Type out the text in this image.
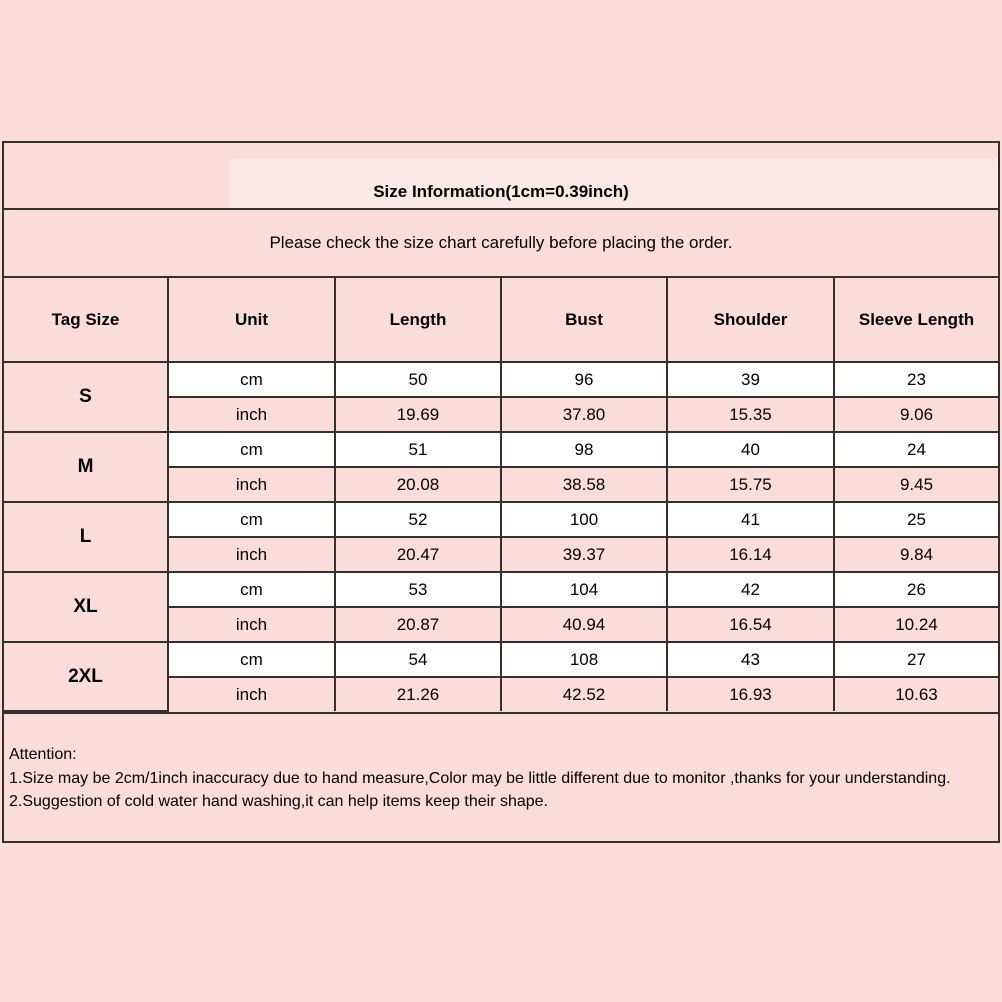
Size Information(1cm=0.39inch)
Please check the size chart carefully before placing the order.
Tag Size	Unit	Length	Bust	Shoulder	Sleeve Length
S	cm	50	96	39	23
	inch	19.69	37.80	15.35	9.06
M	cm	51	98	40	24
	inch	20.08	38.58	15.75	9.45
L	cm	52	100	41	25
	inch	20.47	39.37	16.14	9.84
XL	cm	53	104	42	26
	inch	20.87	40.94	16.54	10.24
2XL	cm	54	108	43	27
	inch	21.26	42.52	16.93	10.63
Attention:
1.Size may be 2cm/1inch inaccuracy due to hand measure,Color may be little different due to monitor ,thanks for your understanding.
2.Suggestion of cold water hand washing,it can help items keep their shape.
